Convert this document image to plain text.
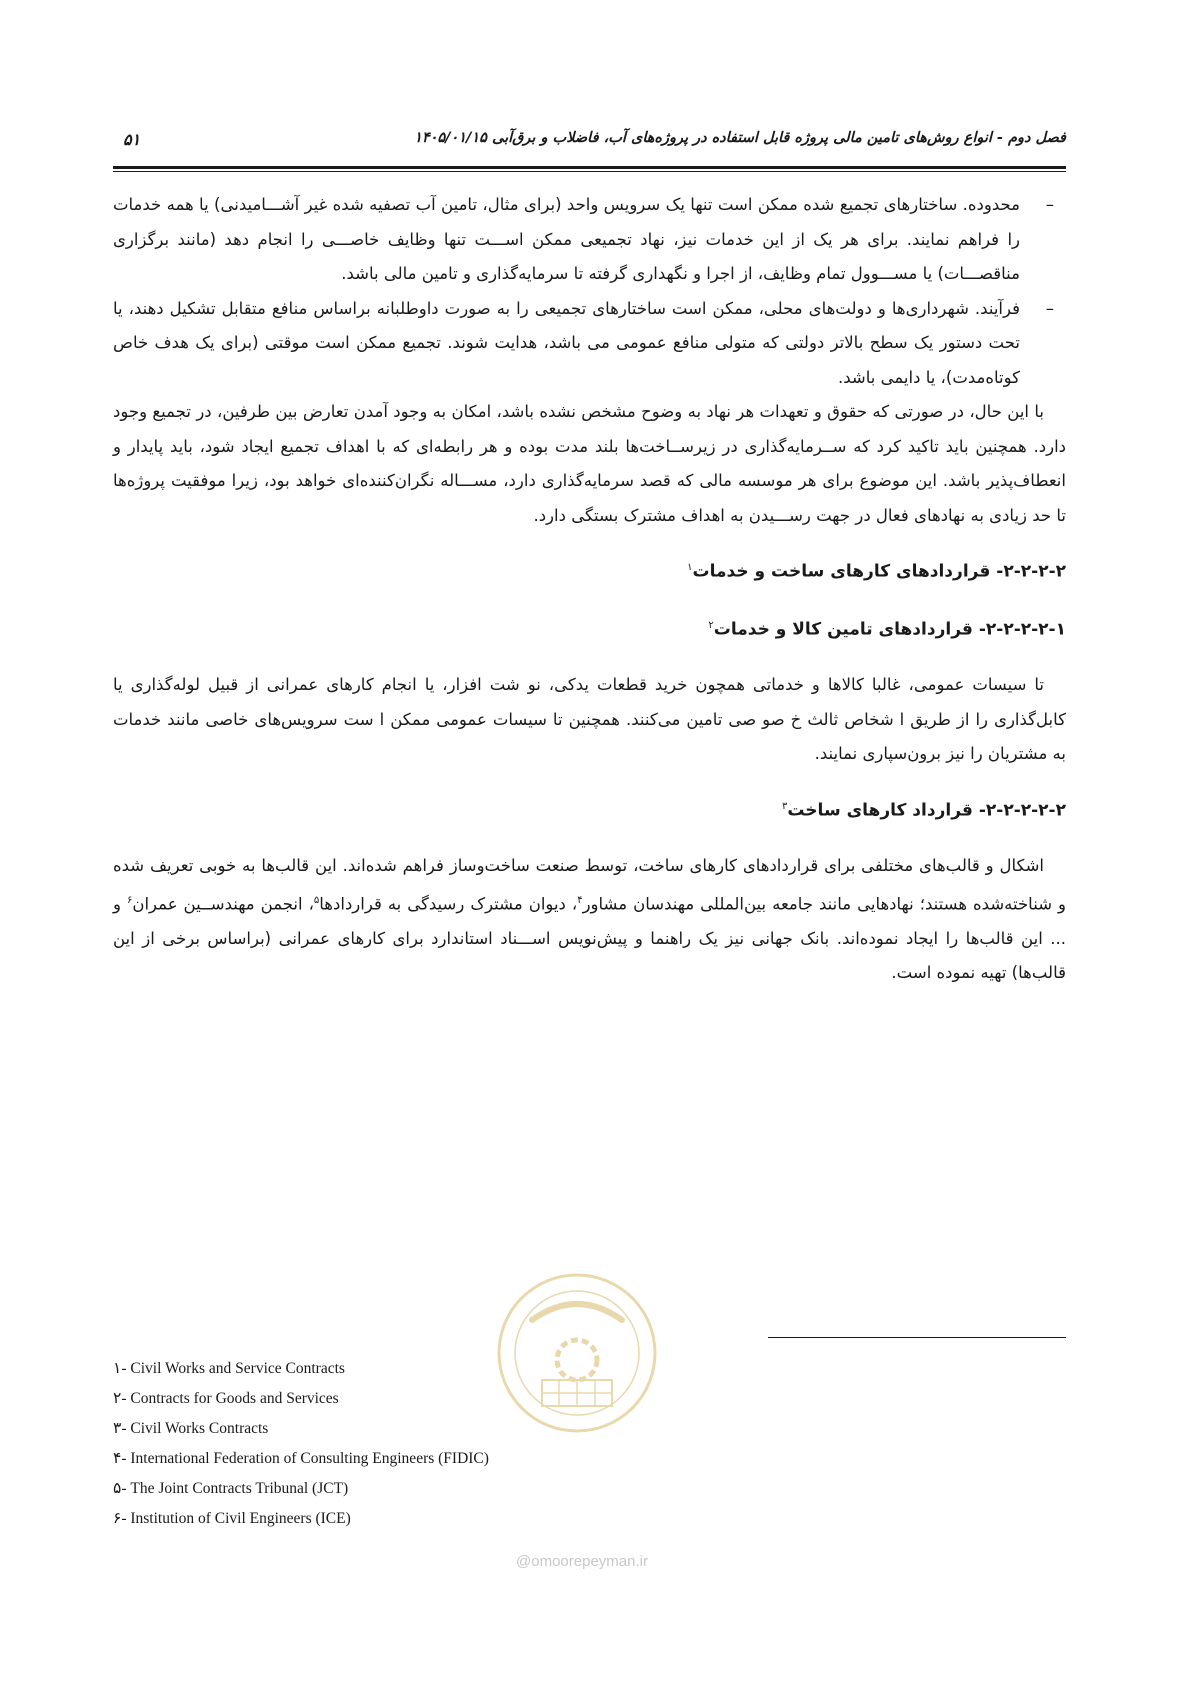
فصل دوم - انواع روش‌های تامین مالی پروژه قابل استفاده در پروژه‌های آب، فاضلاب و برق‌آبی ۱۴۰۵/۰۱/۱۵
۵۱
–
محدوده. ساختارهای تجمیع شده ممکن است تنها یک سرویس واحد (برای مثال، تامین آب تصفیه شده غیر آشـــامیدنی) یا همه خدمات را فراهم نمایند. برای هر یک از این خدمات نیز، نهاد تجمیعی ممکن اســـت تنها وظایف خاصـــی را انجام دهد (مانند برگزاری مناقصـــات) یا مســـوول تمام وظایف، از اجرا و نگهداری گرفته تا سرمایه‌گذاری و تامین مالی باشد.
–
فرآیند. شهرداری‌ها و دولت‌های محلی، ممکن است ساختارهای تجمیعی را به صورت داوطلبانه براساس منافع متقابل تشکیل دهند، یا تحت دستور یک سطح بالاتر دولتی که متولی منافع عمومی می باشد، هدایت شوند. تجمیع ممکن است موقتی (برای یک هدف خاص کوتاه‌مدت)، یا دایمی باشد.

با این حال، در صورتی که حقوق و تعهدات هر نهاد به وضوح مشخص نشده باشد، امکان به وجود آمدن تعارض بین طرفین، در تجمیع وجود دارد. همچنین باید تاکید کرد که ســرمایه‌گذاری در زیرســاخت‌ها بلند مدت بوده و هر رابطه‌ای که با اهداف تجمیع ایجاد شود، باید پایدار و انعطاف‌پذیر باشد. این موضوع برای هر موسسه مالی که قصد سرمایه‌گذاری دارد، مســـاله نگران‌کننده‌ای خواهد بود، زیرا موفقیت پروژه‌ها تا حد زیادی به نهادهای فعال در جهت رســـیدن به اهداف مشترک بستگی دارد.

۲-۲-۲-۲- قراردادهای کارهای ساخت و خدمات$^۱$
۲-۲-۲-۲-۱- قراردادهای تامین کالا و خدمات$^۲$

تا سیسات عمومی، غالبا کالاها و خدماتی همچون خرید قطعات یدکی، نو شت افزار، یا انجام کارهای عمرانی از قبیل لوله‌گذاری یا کابل‌گذاری را از طریق ا شخاص ثالث خ صو صی تامین می‌کنند. همچنین تا سیسات عمومی ممکن ا ست سرویس‌های خاصی مانند خدمات به مشتریان را نیز برون‌سپاری نمایند.

۲-۲-۲-۲-۲- قرارداد کارهای ساخت$^۳$

اشکال و قالب‌های مختلفی برای قراردادهای کارهای ساخت، توسط صنعت ساخت‌وساز فراهم شده‌اند. این قالب‌ها به خوبی تعریف شده و شناخته‌شده هستند؛ نهادهایی مانند جامعه بین‌المللی مهندسان مشاور$^۴$، دیوان مشترک رسیدگی به قراردادها$^۵$، انجمن مهندســین عمران$^۶$ و ... این قالب‌ها را ایجاد نموده‌اند. بانک جهانی نیز یک راهنما و پیش‌نویس اســـناد استاندارد برای کارهای عمرانی (براساس برخی از این قالب‌ها) تهیه نموده است.

۱- Civil Works and Service Contracts

۲- Contracts for Goods and Services

۳- Civil Works Contracts

۴- International Federation of Consulting Engineers (FIDIC)

۵- The Joint Contracts Tribunal (JCT)

۶- Institution of Civil Engineers (ICE)

@omoorepeyman.ir
